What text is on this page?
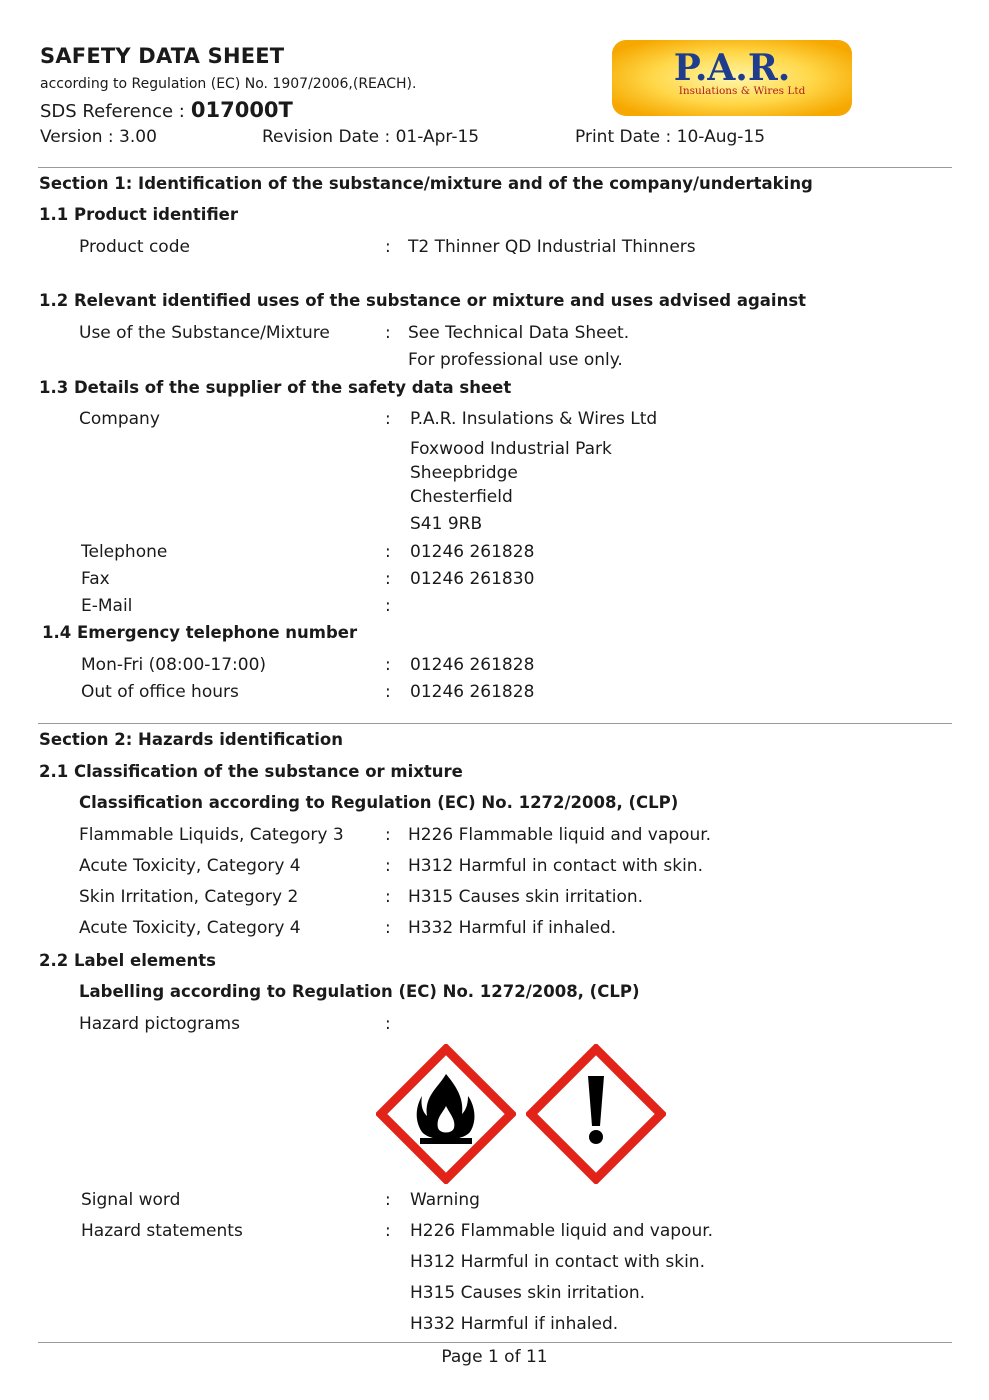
SAFETY DATA SHEET
according to Regulation (EC) No. 1907/2006,(REACH).
SDS Reference : 017000T
Version : 3.00	Revision Date : 01-Apr-15	Print Date : 10-Aug-15
P.A.R.
Insulations & Wires Ltd
Section 1: Identification of the substance/mixture and of the company/undertaking
1.1 Product identifier
Product code	: T2 Thinner QD Industrial Thinners
1.2 Relevant identified uses of the substance or mixture and uses advised against
Use of the Substance/Mixture	: See Technical Data Sheet.
For professional use only.
1.3 Details of the supplier of the safety data sheet
Company	: P.A.R. Insulations & Wires Ltd
Foxwood Industrial Park
Sheepbridge
Chesterfield
S41 9RB
Telephone	: 01246 261828
Fax	: 01246 261830
E-Mail	:
1.4 Emergency telephone number
Mon-Fri (08:00-17:00)	: 01246 261828
Out of office hours	: 01246 261828
Section 2: Hazards identification
2.1 Classification of the substance or mixture
Classification according to Regulation (EC) No. 1272/2008, (CLP)
Flammable Liquids, Category 3 : H226 Flammable liquid and vapour.
Acute Toxicity, Category 4	: H312 Harmful in contact with skin.
Skin Irritation, Category 2	: H315 Causes skin irritation.
Acute Toxicity, Category 4	: H332 Harmful if inhaled.
2.2 Label elements
Labelling according to Regulation (EC) No. 1272/2008, (CLP)
Hazard pictograms	:
Signal word	: Warning
Hazard statements	: H226 Flammable liquid and vapour.
H312 Harmful in contact with skin.
H315 Causes skin irritation.
H332 Harmful if inhaled.
Page 1 of 11
